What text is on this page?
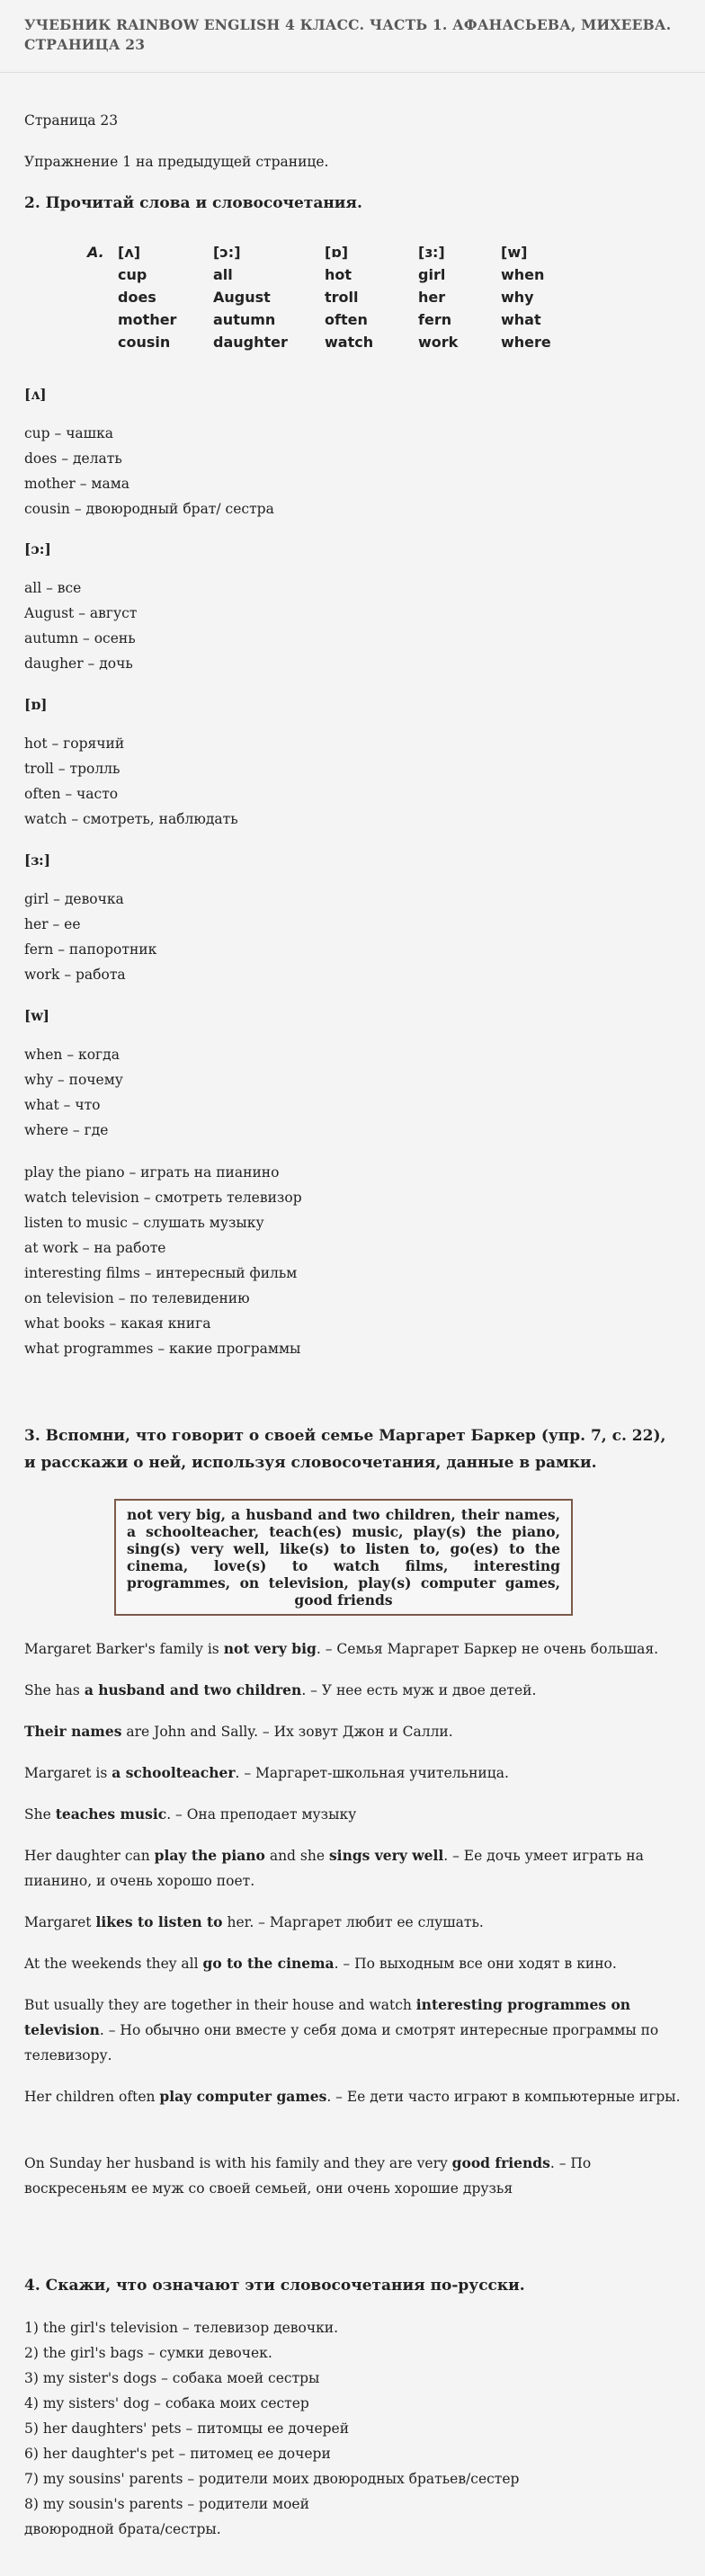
УЧЕБНИК RAINBOW ENGLISH 4 КЛАСС. ЧАСТЬ 1. АФАНАСЬЕВА, МИХЕЕВА. СТРАНИЦА 23
Страница 23
Упражнение 1 на предыдущей странице.
2. Прочитай слова и словосочетания.
A. [ʌ]
cup
does
mother
cousin
[ɔ:]
all
August
autumn
daughter
[ɒ]
hot
troll
often
watch
[ɜ:]
girl
her
fern
work
[w]
when
why
what
where
[ʌ]
cup – чашка
does – делать
mother – мама
cousin – двоюродный брат/ сестра
[ɔ:]
all – все
August – август
autumn – осень
daugher – дочь
[ɒ]
hot – горячий
troll – тролль
often – часто
watch – смотреть, наблюдать
[ɜ:]
girl – девочка
her – ее
fern – папоротник
work – работа
[w]
when – когда
why – почему
what – что
where – где
play the piano – играть на пианино
watch television – смотреть телевизор
listen to music – слушать музыку
at work – на работе
interesting films – интересный фильм
on television – по телевидению
what books – какая книга
what programmes – какие программы
3. Вспомни, что говорит о своей семье Маргарет Баркер (упр. 7, с. 22), и расскажи о ней, используя словосочетания, данные в рамки.
not very big, a husband and two children, their names, a schoolteacher, teach(es) music, play(s) the piano, sing(s) very well, like(s) to listen to, go(es) to the cinema, love(s) to watch films, interesting programmes, on television, play(s) computer games, good friends
Margaret Barker's family is not very big. – Семья Маргарет Баркер не очень большая.
She has a husband and two children. – У нее есть муж и двое детей.
Their names are John and Sally. – Их зовут Джон и Салли.
Margaret is a schoolteacher. – Маргарет-школьная учительница.
She teaches music. – Она преподает музыку
Her daughter can play the piano and she sings very well. – Ее дочь умеет играть на пианино, и очень хорошо поет.
Margaret likes to listen to her. – Маргарет любит ее слушать.
At the weekends they all go to the cinema. – По выходным все они ходят в кино.
But usually they are together in their house and watch interesting programmes on television. – Но обычно они вместе у себя дома и смотрят интересные программы по телевизору.
Her children often play computer games. – Ее дети часто играют в компьютерные игры.
On Sunday her husband is with his family and they are very good friends. – По воскресеньям ее муж со своей семьей, они очень хорошие друзья
4. Скажи, что означают эти словосочетания по-русски.
1) the girl's television – телевизор девочки.
2) the girl's bags – сумки девочек.
3) my sister's dogs – собака моей сестры
4) my sisters' dog – собака моих сестер
5) her daughters' pets – питомцы ее дочерей
6) her daughter's pet – питомец ее дочери
7) my sousins' parents – родители моих двоюродных братьев/сестер
8) my sousin's parents – родители моей
двоюродной брата/сестры.
